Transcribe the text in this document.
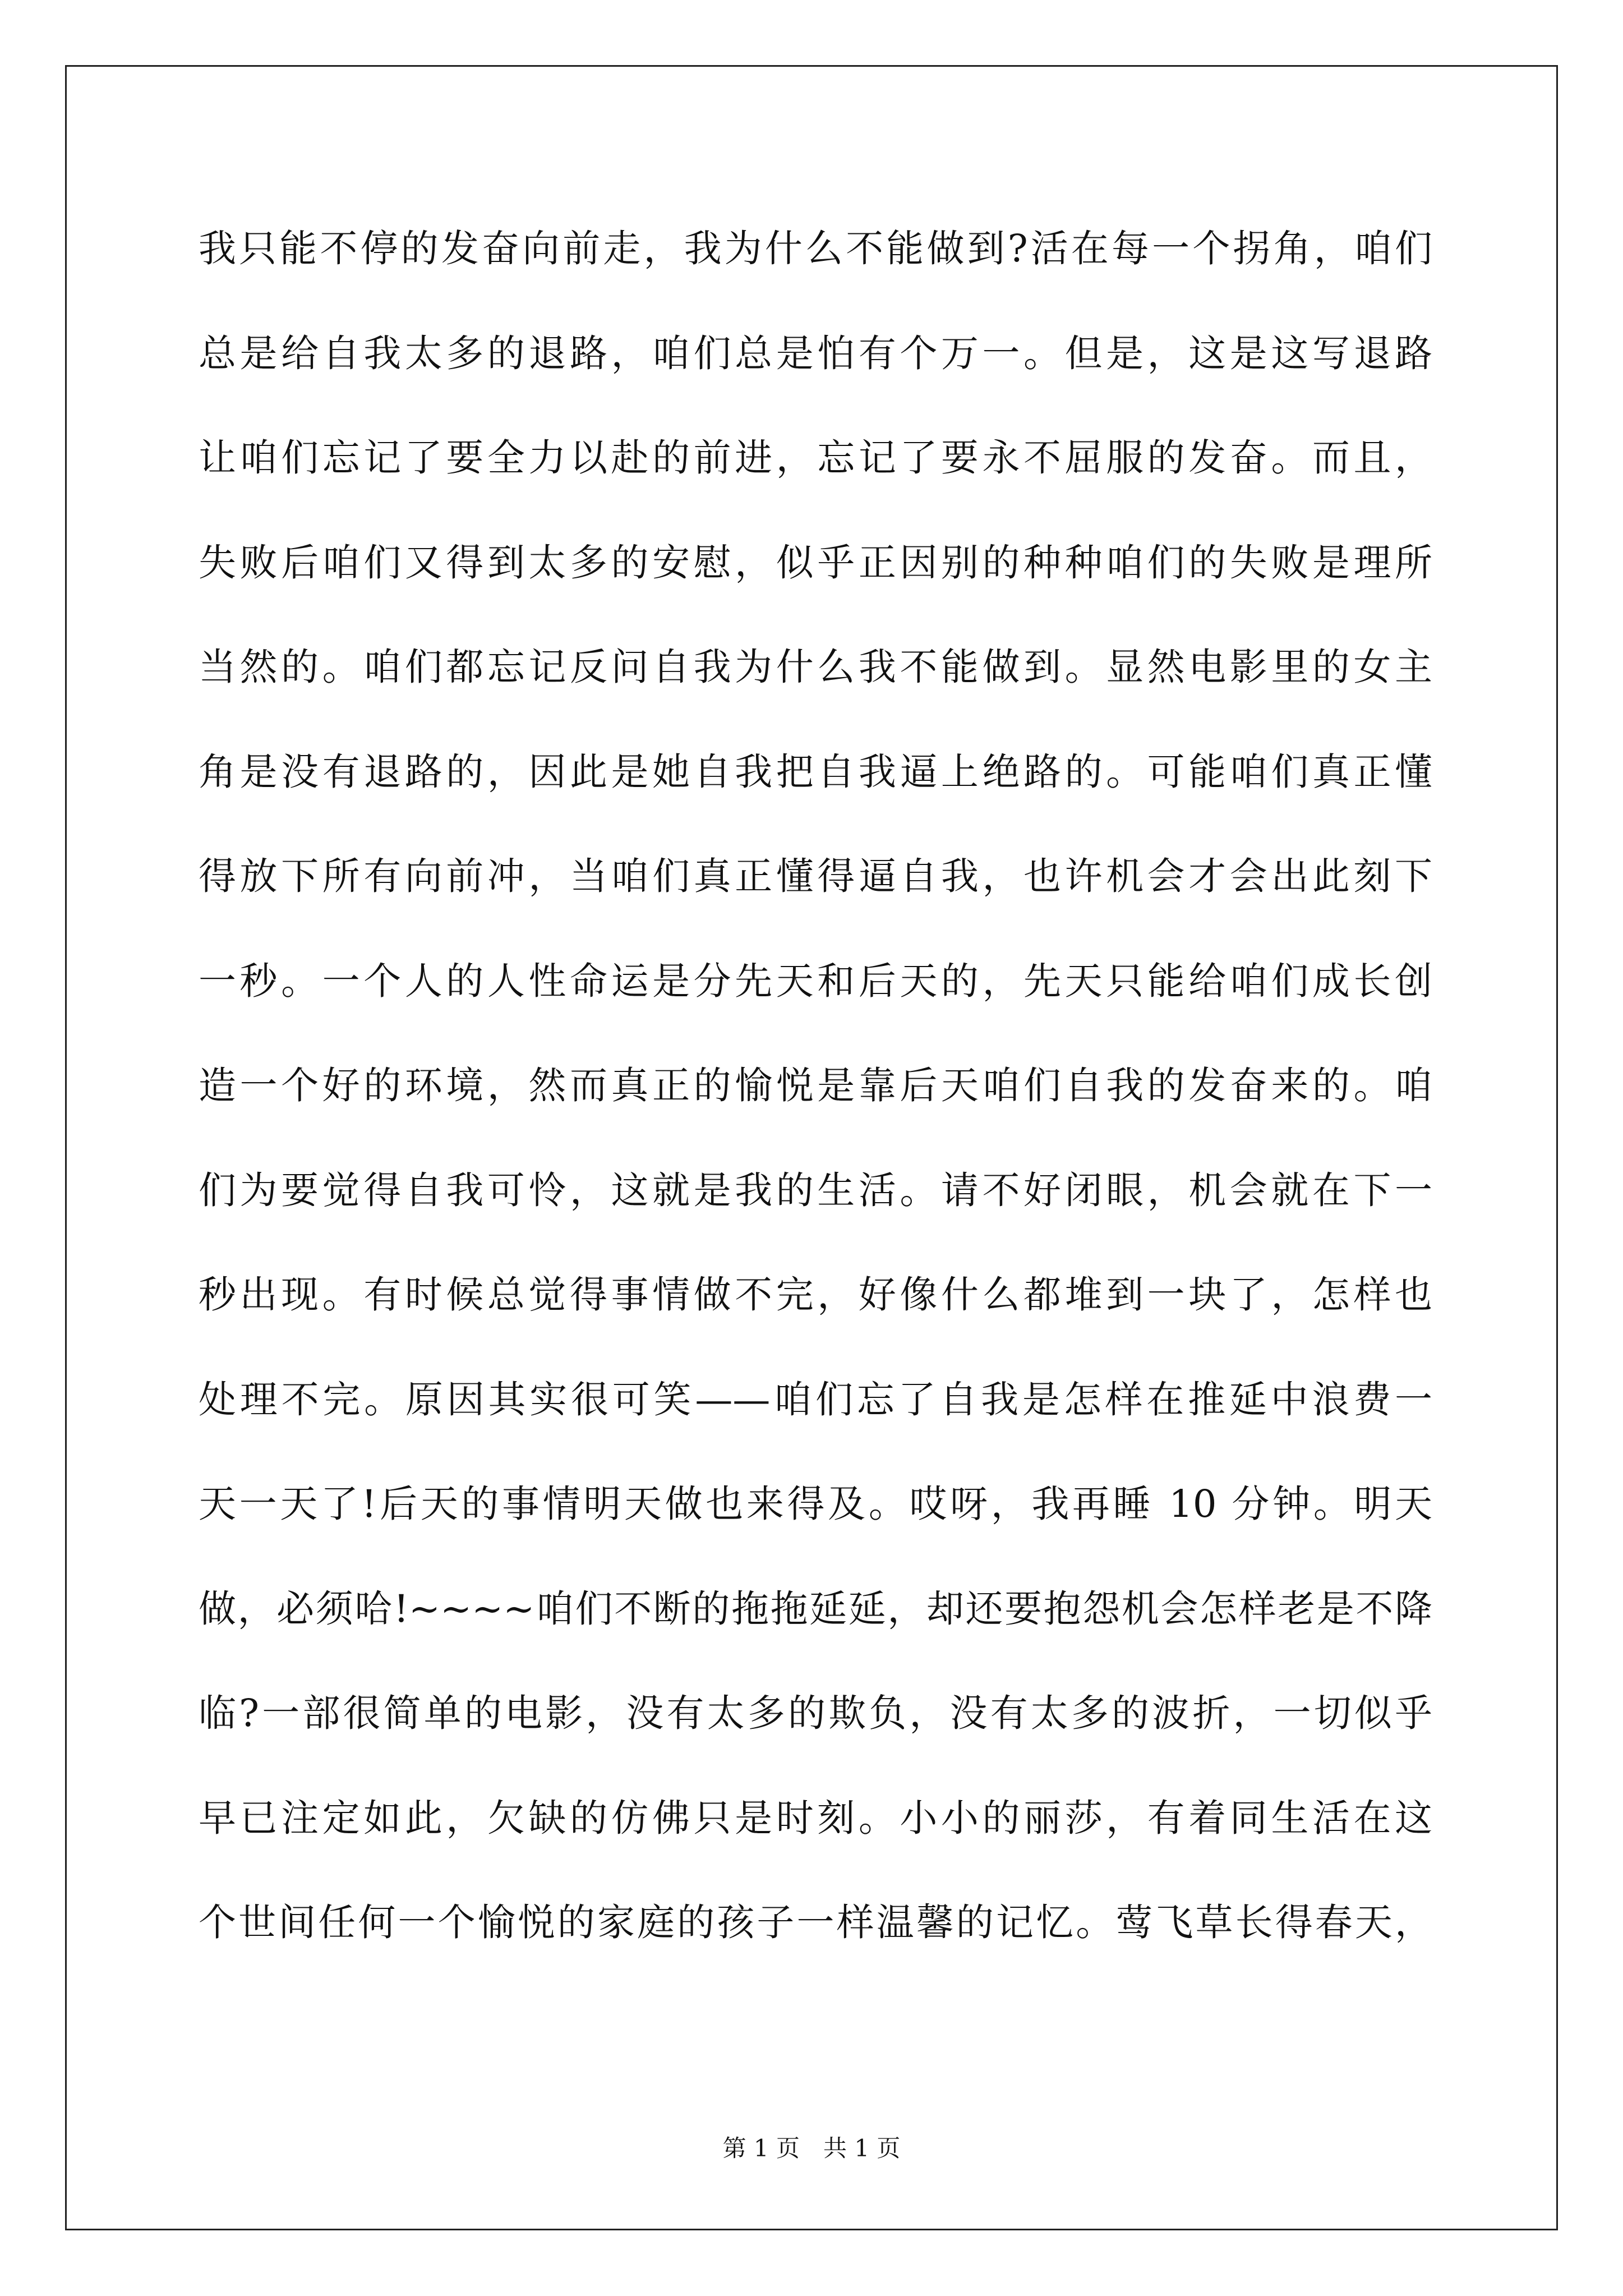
我只能不停的发奋向前走，我为什么不能做到?活在每一个拐角，咱们
总是给自我太多的退路，咱们总是怕有个万一。但是，这是这写退路
让咱们忘记了要全力以赴的前进，忘记了要永不屈服的发奋。而且，
失败后咱们又得到太多的安慰，似乎正因别的种种咱们的失败是理所
当然的。咱们都忘记反问自我为什么我不能做到。显然电影里的女主
角是没有退路的，因此是她自我把自我逼上绝路的。可能咱们真正懂
得放下所有向前冲，当咱们真正懂得逼自我，也许机会才会出此刻下
一秒。一个人的人性命运是分先天和后天的，先天只能给咱们成长创
造一个好的环境，然而真正的愉悦是靠后天咱们自我的发奋来的。咱
们为要觉得自我可怜，这就是我的生活。请不好闭眼，机会就在下一
秒出现。有时候总觉得事情做不完，好像什么都堆到一块了，怎样也
处理不完。原因其实很可笑——咱们忘了自我是怎样在推延中浪费一
天一天了!后天的事情明天做也来得及。哎呀，我再睡 10 分钟。明天
做，必须哈!~~~~咱们不断的拖拖延延，却还要抱怨机会怎样老是不降
临?一部很简单的电影，没有太多的欺负，没有太多的波折，一切似乎
早已注定如此，欠缺的仿佛只是时刻。小小的丽莎，有着同生活在这
个世间任何一个愉悦的家庭的孩子一样温馨的记忆。莺飞草长得春天，
第 1 页　共 1 页
